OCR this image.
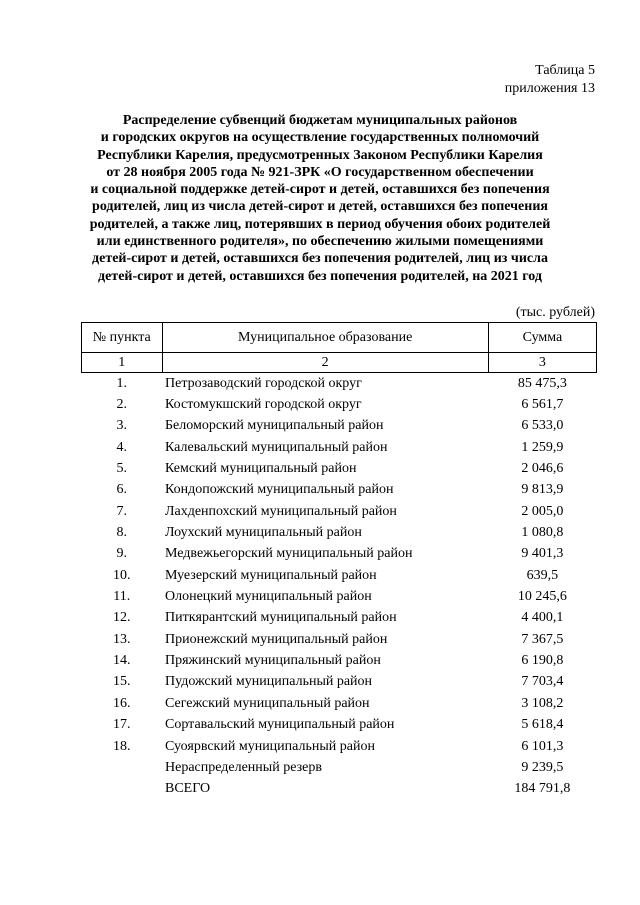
Таблица 5
приложения 13
Распределение субвенций бюджетам муниципальных районов
и городских округов на осуществление государственных полномочий
Республики Карелия, предусмотренных Законом Республики Карелия
от 28 ноября 2005 года № 921-ЗРК «О государственном обеспечении
и социальной поддержке детей-сирот и детей, оставшихся без попечения
родителей, лиц из числа детей-сирот и детей, оставшихся без попечения
родителей, а также лиц, потерявших в период обучения обоих родителей
или единственного родителя», по обеспечению жилыми помещениями
детей-сирот и детей, оставшихся без попечения родителей, лиц из числа
детей-сирот и детей, оставшихся без попечения родителей, на 2021 год
(тыс. рублей)
№ пункта	Муниципальное образование	Сумма
1	2	3
1.	Петрозаводский городской округ	85 475,3
2.	Костомукшский городской округ	6 561,7
3.	Беломорский муниципальный район	6 533,0
4.	Калевальский муниципальный район	1 259,9
5.	Кемский муниципальный район	2 046,6
6.	Кондопожский муниципальный район	9 813,9
7.	Лахденпохский муниципальный район	2 005,0
8.	Лоухский муниципальный район	1 080,8
9.	Медвежьегорский муниципальный район	9 401,3
10.	Муезерский муниципальный район	639,5
11.	Олонецкий муниципальный район	10 245,6
12.	Питкярантский муниципальный район	4 400,1
13.	Прионежский муниципальный район	7 367,5
14.	Пряжинский муниципальный район	6 190,8
15.	Пудожский муниципальный район	7 703,4
16.	Сегежский муниципальный район	3 108,2
17.	Сортавальский муниципальный район	5 618,4
18.	Суоярвский муниципальный район	6 101,3
	Нераспределенный резерв	9 239,5
	ВСЕГО	184 791,8
